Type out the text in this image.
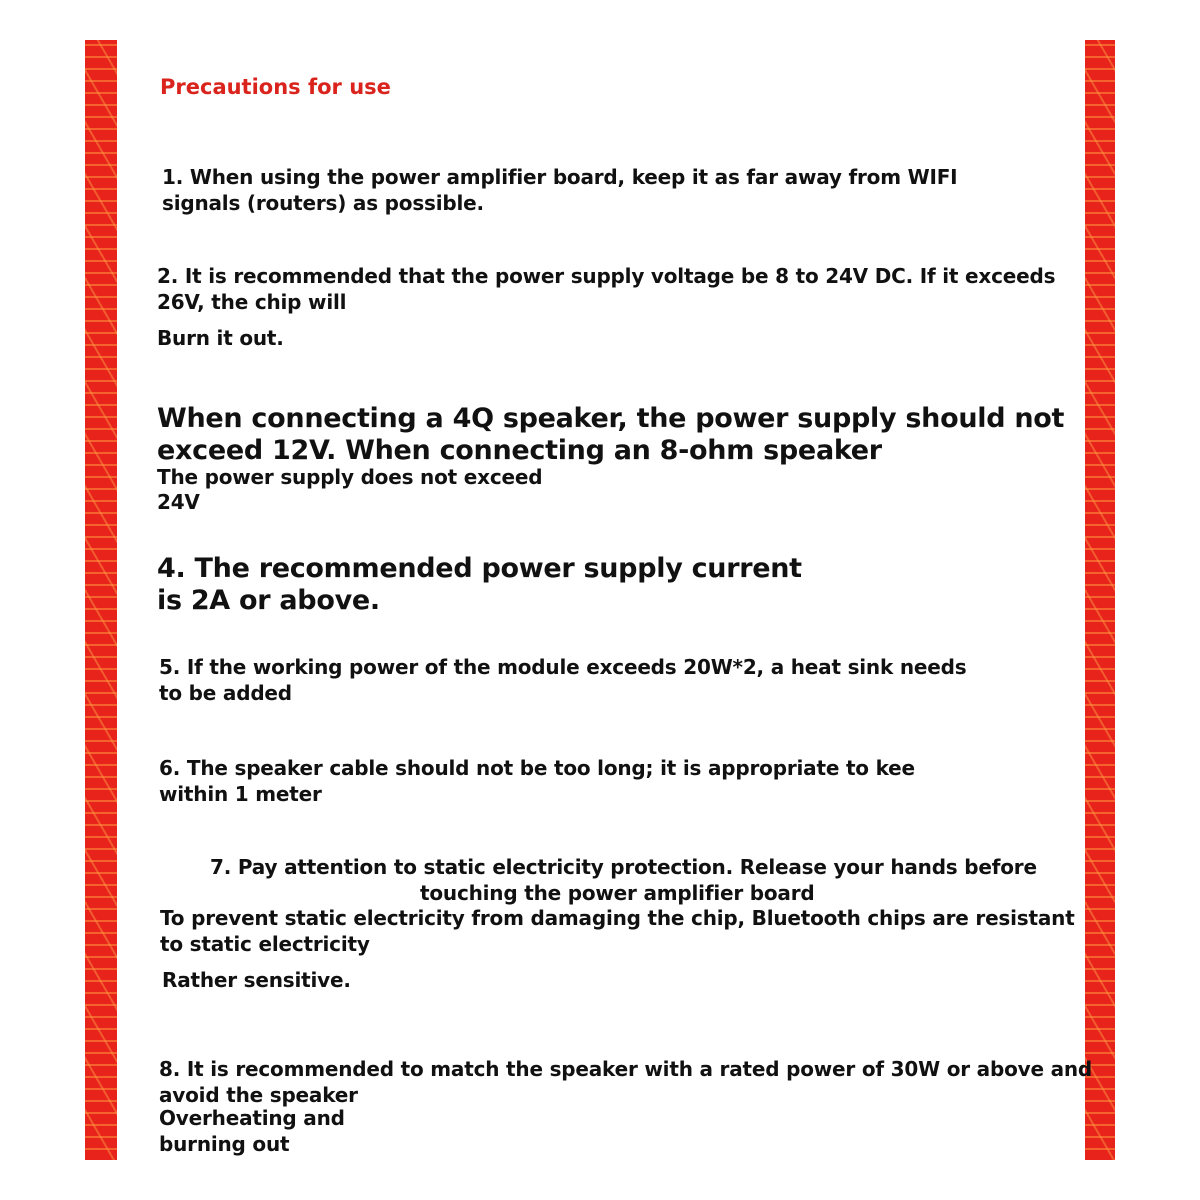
Precautions for use
1. When using the power amplifier board, keep it as far away from WIFI
signals (routers) as possible.
2. It is recommended that the power supply voltage be 8 to 24V DC. If it exceeds
26V, the chip will
Burn it out.
When connecting a 4Q speaker, the power supply should not
exceed 12V. When connecting an 8-ohm speaker
The power supply does not exceed
24V
4. The recommended power supply current
is 2A or above.
5. If the working power of the module exceeds 20W*2, a heat sink needs
to be added
6. The speaker cable should not be too long; it is appropriate to kee
within 1 meter
7. Pay attention to static electricity protection. Release your hands before
touching the power amplifier board
To prevent static electricity from damaging the chip, Bluetooth chips are resistant
to static electricity
Rather sensitive.
8. It is recommended to match the speaker with a rated power of 30W or above and
avoid the speaker
Overheating and
burning out
